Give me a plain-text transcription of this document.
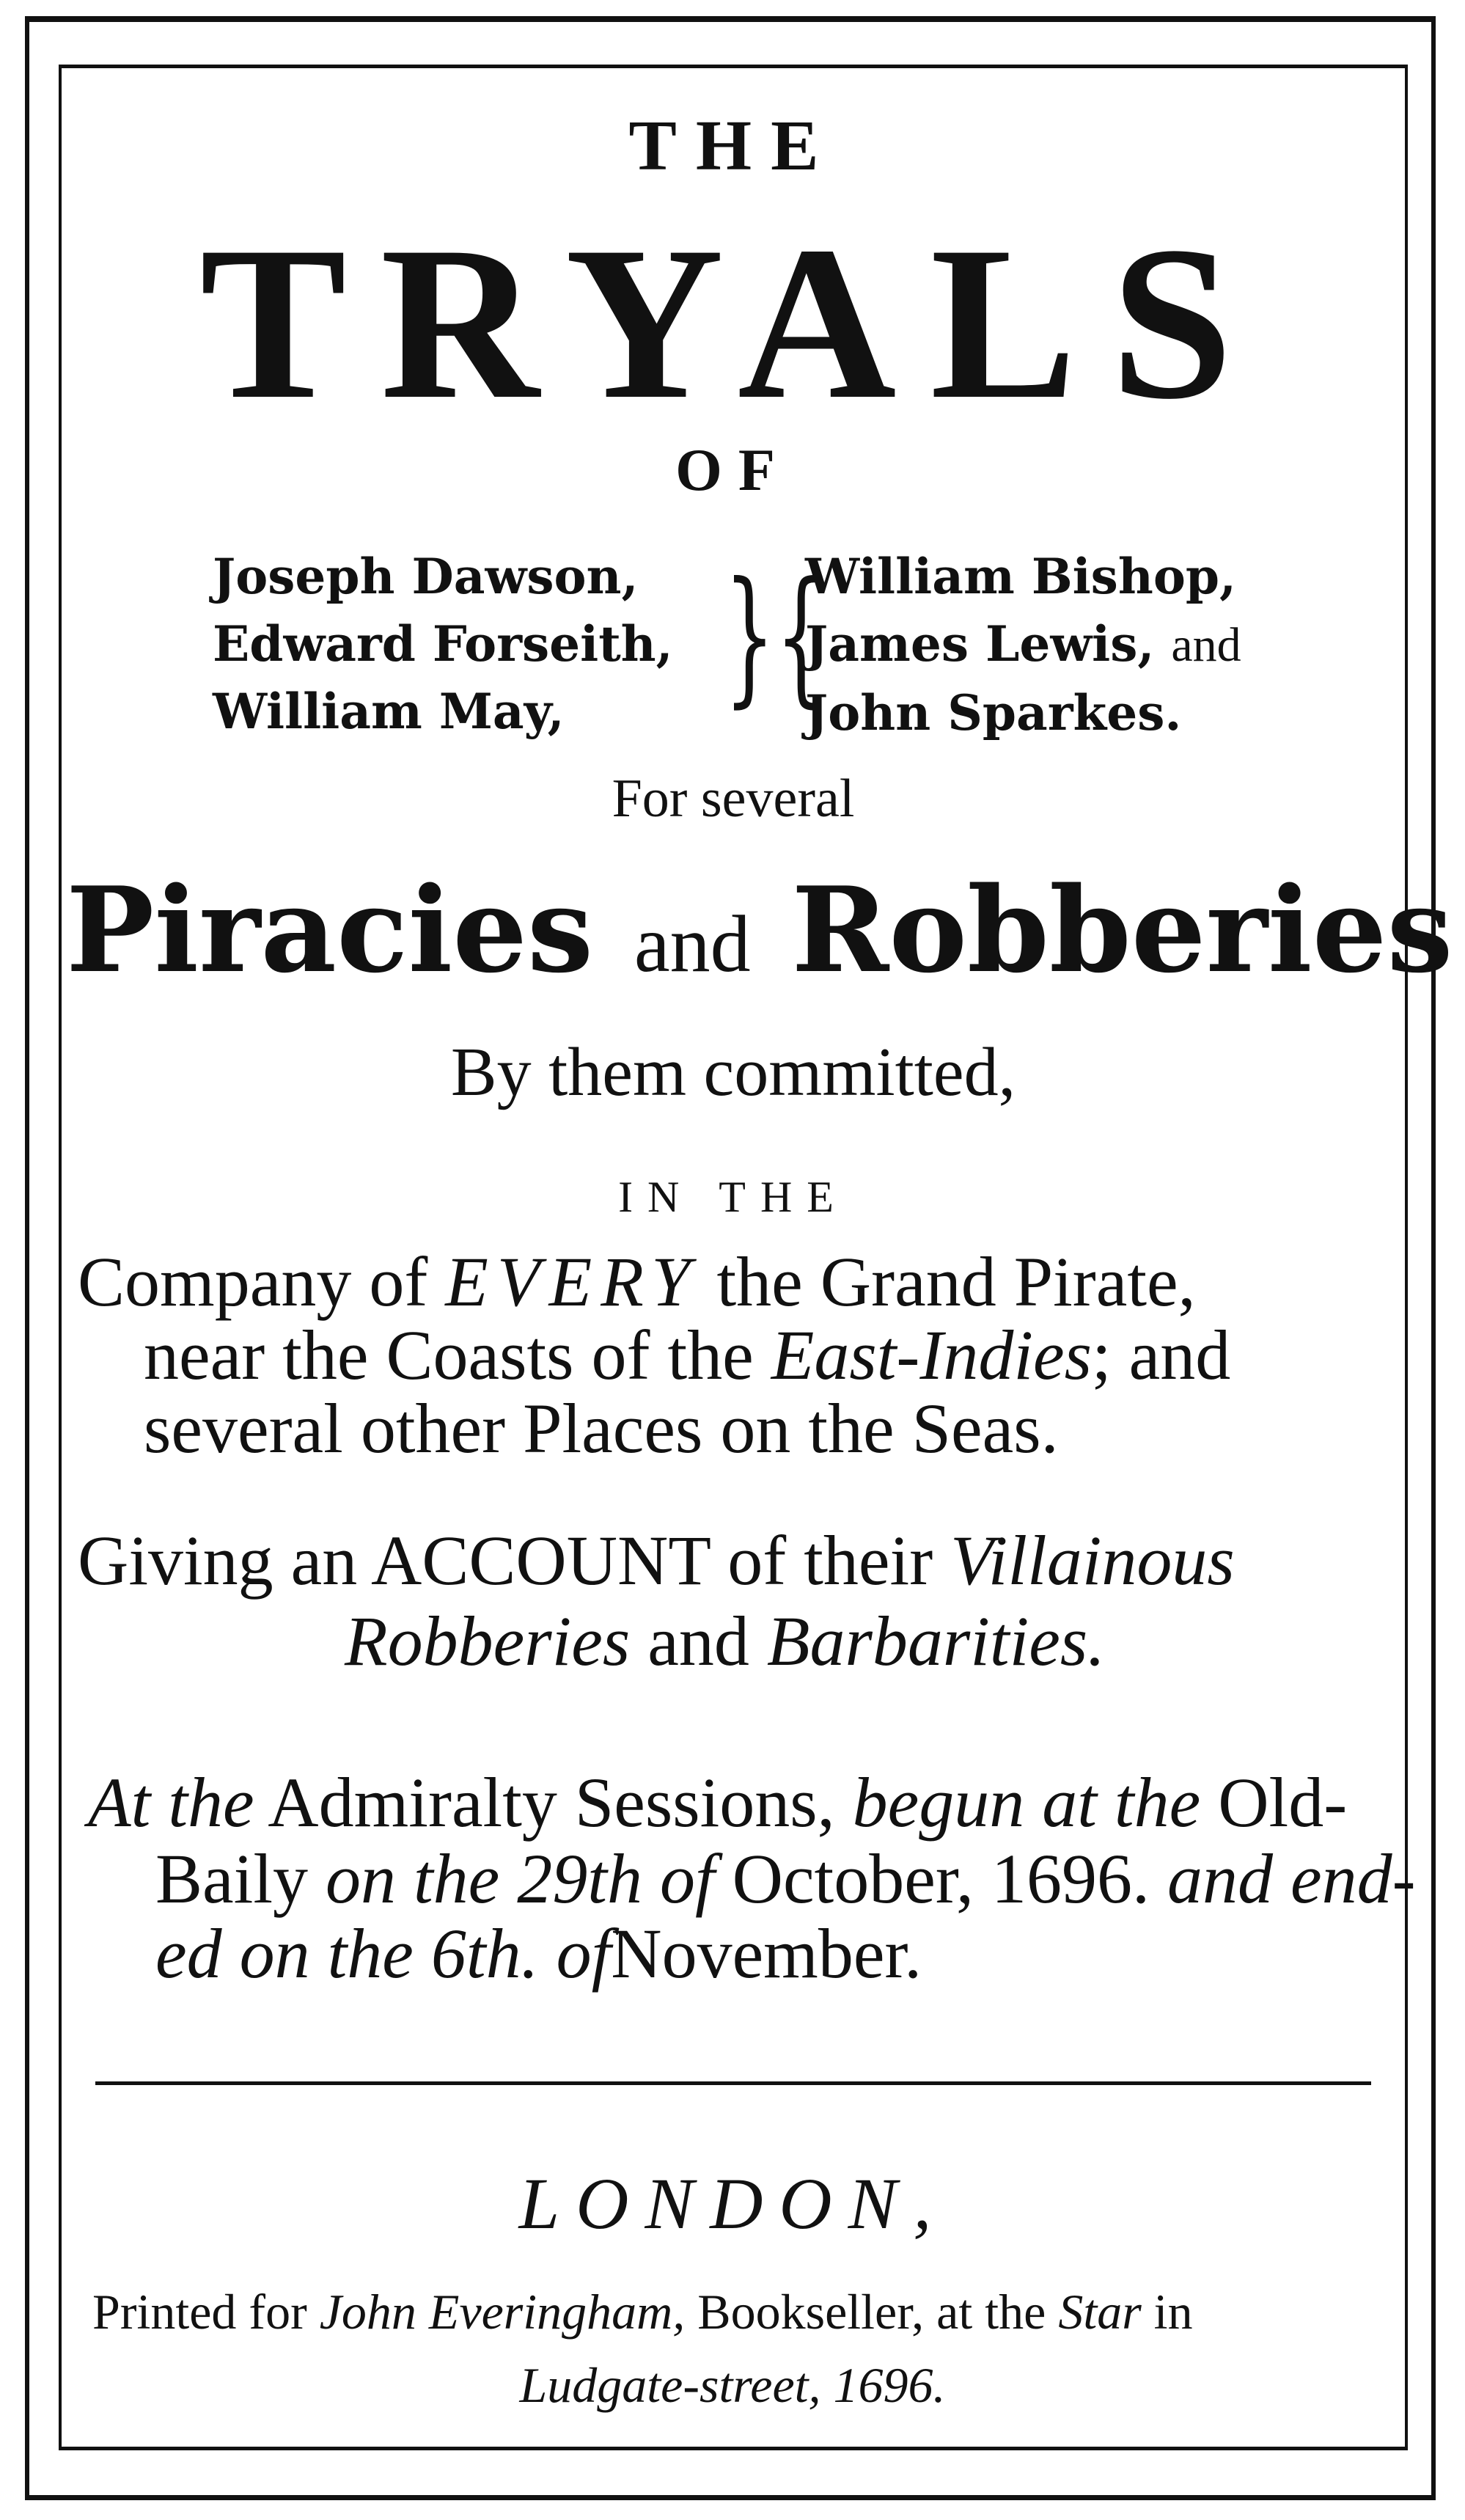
THE
TRYALS
OF
Joseph Dawson,
Edward Forseith,
William May,	}{
William Bishop,
James Lewis, and
John Sparkes.
For several
Piracies and Robberies
By them committed,
IN THE
Company of EVERY the Grand Pirate,
near the Coasts of the East-Indies; and
several other Places on the Seas.
Giving an ACCOUNT of their Villainous
Robberies and Barbarities.
At the Admiralty Sessions, begun at the Old-
Baily on the 29th of October, 1696. and end-
ed on the 6th. ofNovember.
LONDON,
Printed for John Everingham, Bookseller, at the Star in
Ludgate-street, 1696.
